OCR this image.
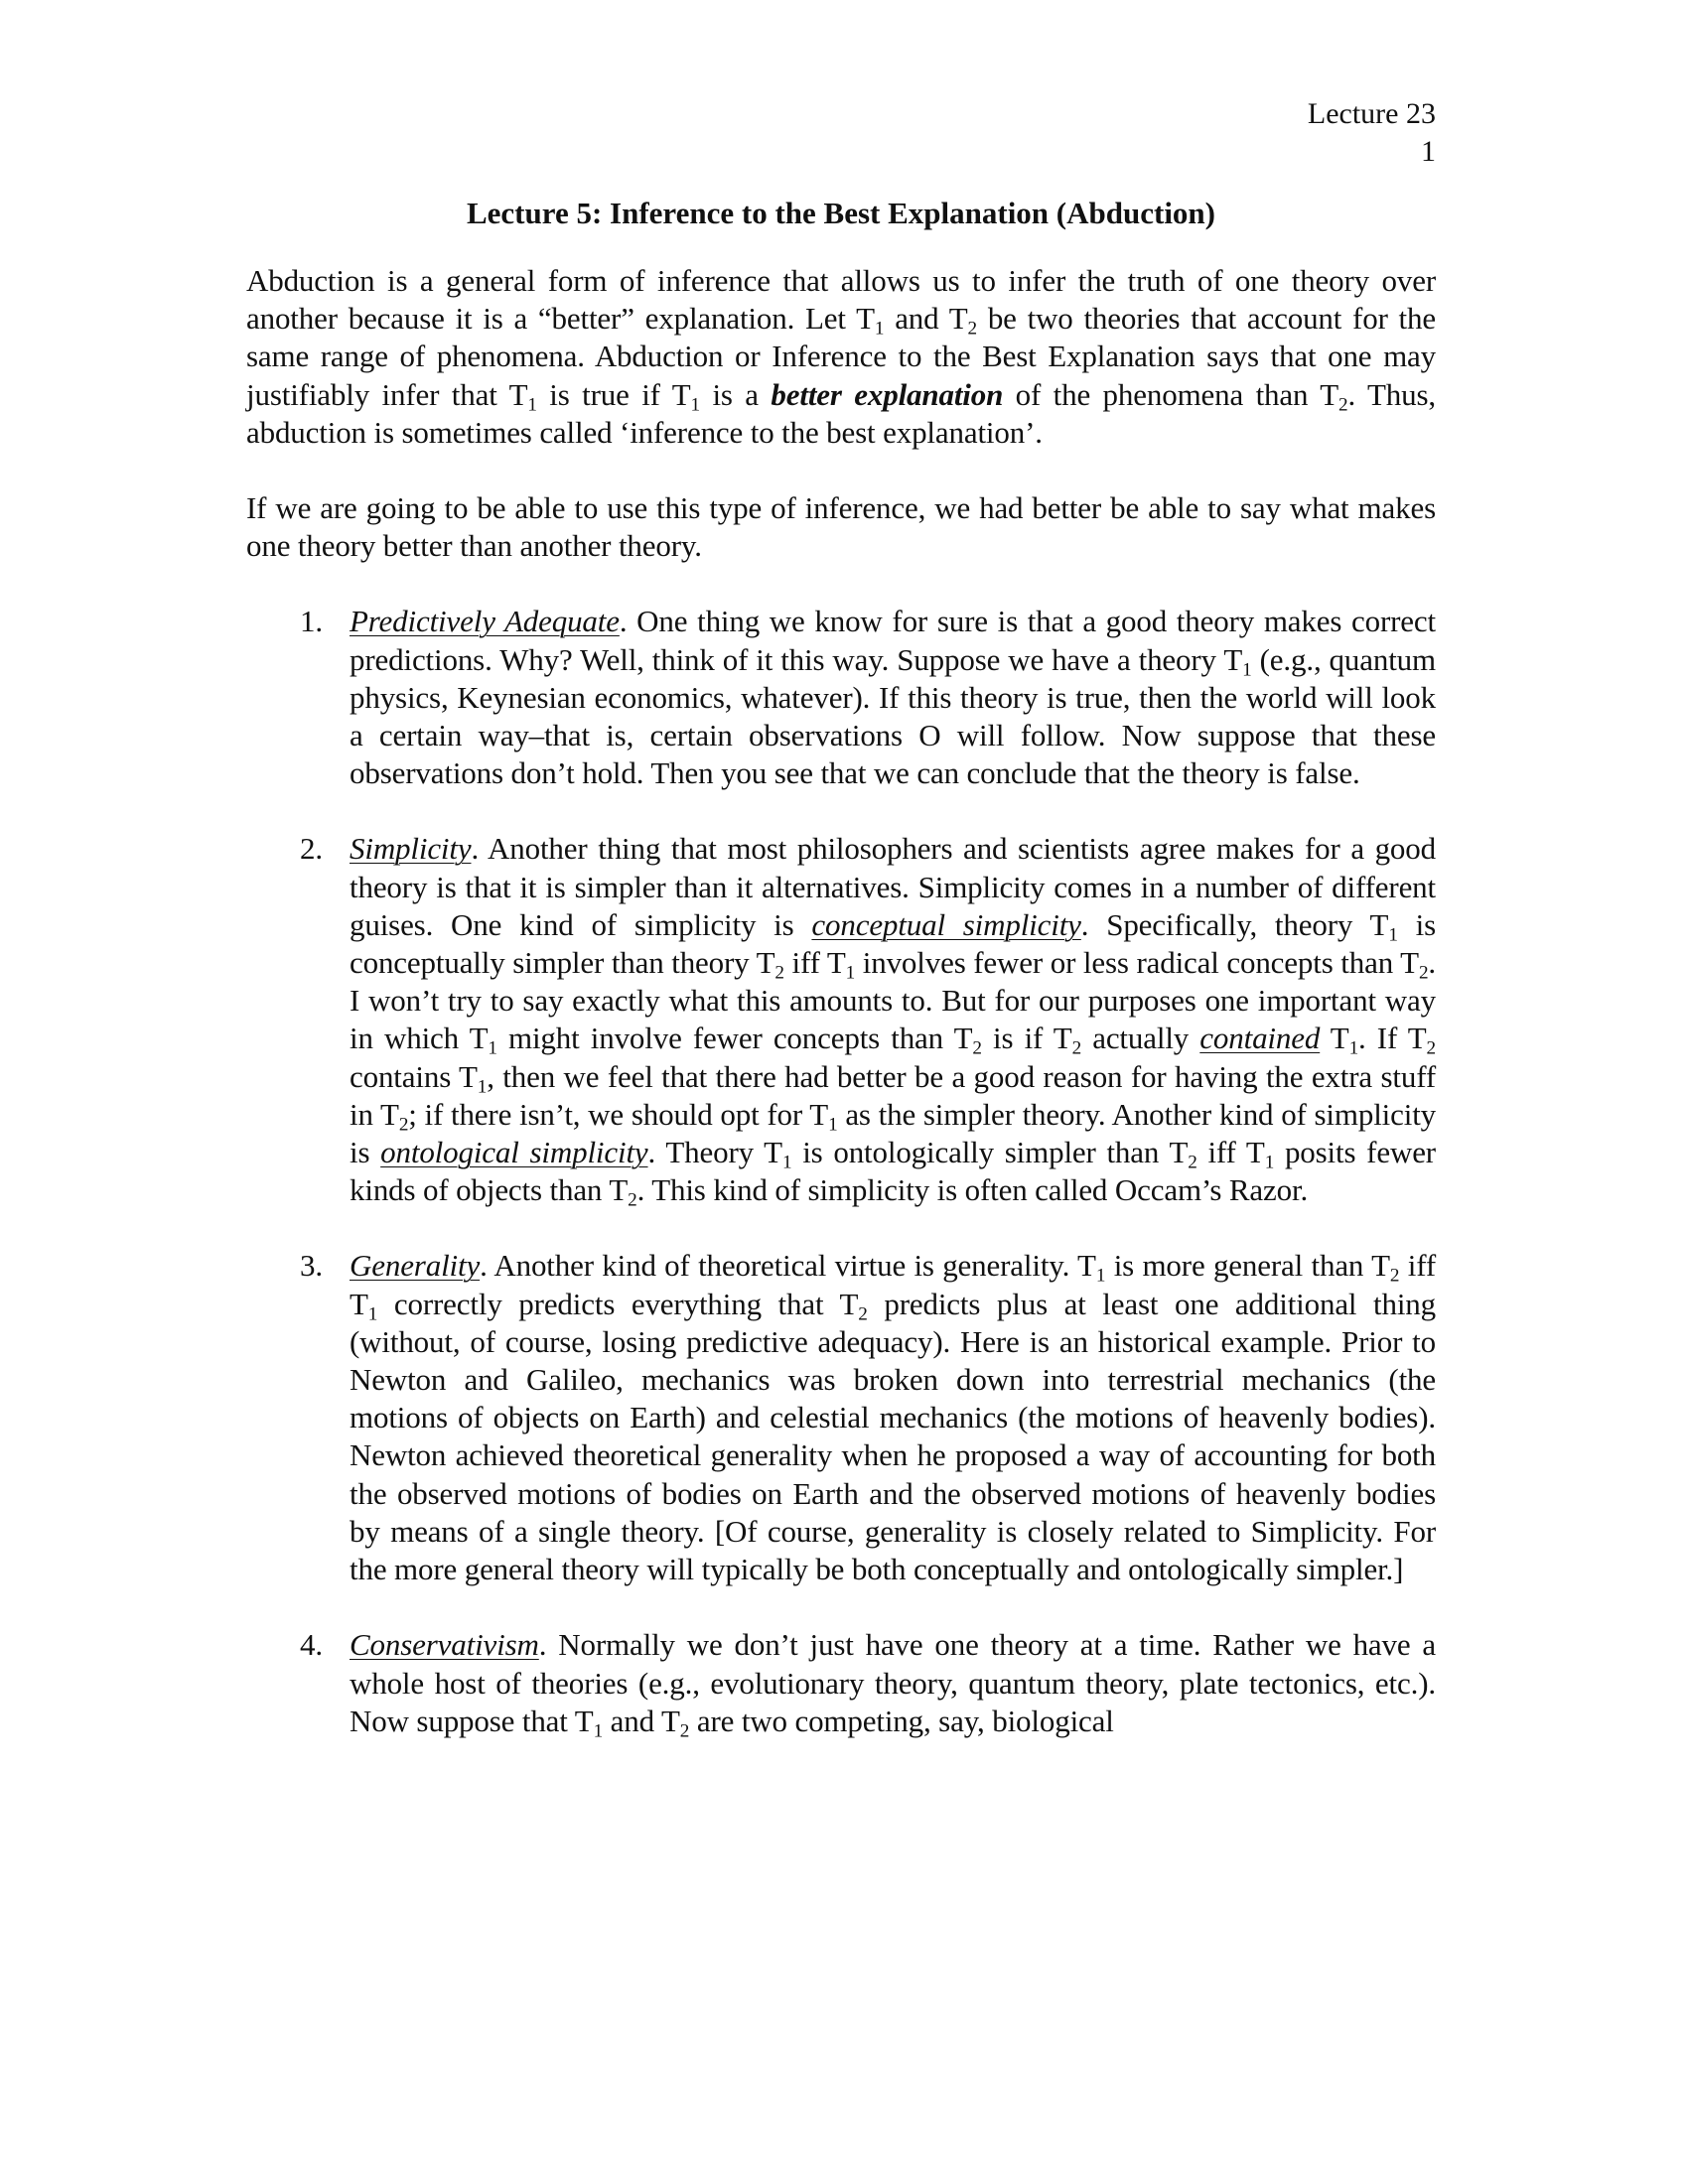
Lecture 23
1
Lecture 5: Inference to the Best Explanation (Abduction)

Abduction is a general form of inference that allows us to infer the truth of one theory over another because it is a “better” explanation. Let $T_1$ and $T_2$ be two theories that account for the same range of phenomena. Abduction or Inference to the Best Explanation says that one may justifiably infer that $T_1$ is true if $T_1$ is a better explanation of the phenomena than $T_2$. Thus, abduction is sometimes called ‘inference to the best explanation’.

If we are going to be able to use this type of inference, we had better be able to say what makes one theory better than another theory.

1. Predictively Adequate. One thing we know for sure is that a good theory makes correct predictions. Why? Well, think of it this way. Suppose we have a theory $T_1$ (e.g., quantum physics, Keynesian economics, whatever). If this theory is true, then the world will look a certain way–that is, certain observations O will follow. Now suppose that these observations don’t hold. Then you see that we can conclude that the theory is false.
2. Simplicity. Another thing that most philosophers and scientists agree makes for a good theory is that it is simpler than it alternatives. Simplicity comes in a number of different guises. One kind of simplicity is conceptual simplicity. Specifically, theory $T_1$ is conceptually simpler than theory $T_2$ iff $T_1$ involves fewer or less radical concepts than $T_2$. I won’t try to say exactly what this amounts to. But for our purposes one important way in which $T_1$ might involve fewer concepts than $T_2$ is if $T_2$ actually contained $T_1$. If $T_2$ contains $T_1$, then we feel that there had better be a good reason for having the extra stuff in $T_2$; if there isn’t, we should opt for $T_1$ as the simpler theory. Another kind of simplicity is ontological simplicity. Theory $T_1$ is ontologically simpler than $T_2$ iff $T_1$ posits fewer kinds of objects than $T_2$. This kind of simplicity is often called Occam’s Razor.
3. Generality. Another kind of theoretical virtue is generality. $T_1$ is more general than $T_2$ iff $T_1$ correctly predicts everything that $T_2$ predicts plus at least one additional thing (without, of course, losing predictive adequacy). Here is an historical example. Prior to Newton and Galileo, mechanics was broken down into terrestrial mechanics (the motions of objects on Earth) and celestial mechanics (the motions of heavenly bodies). Newton achieved theoretical generality when he proposed a way of accounting for both the observed motions of bodies on Earth and the observed motions of heavenly bodies by means of a single theory. [Of course, generality is closely related to Simplicity. For the more general theory will typically be both conceptually and ontologically simpler.]
4. Conservativism. Normally we don’t just have one theory at a time. Rather we have a whole host of theories (e.g., evolutionary theory, quantum theory, plate tectonics, etc.). Now suppose that $T_1$ and $T_2$ are two competing, say, biological
